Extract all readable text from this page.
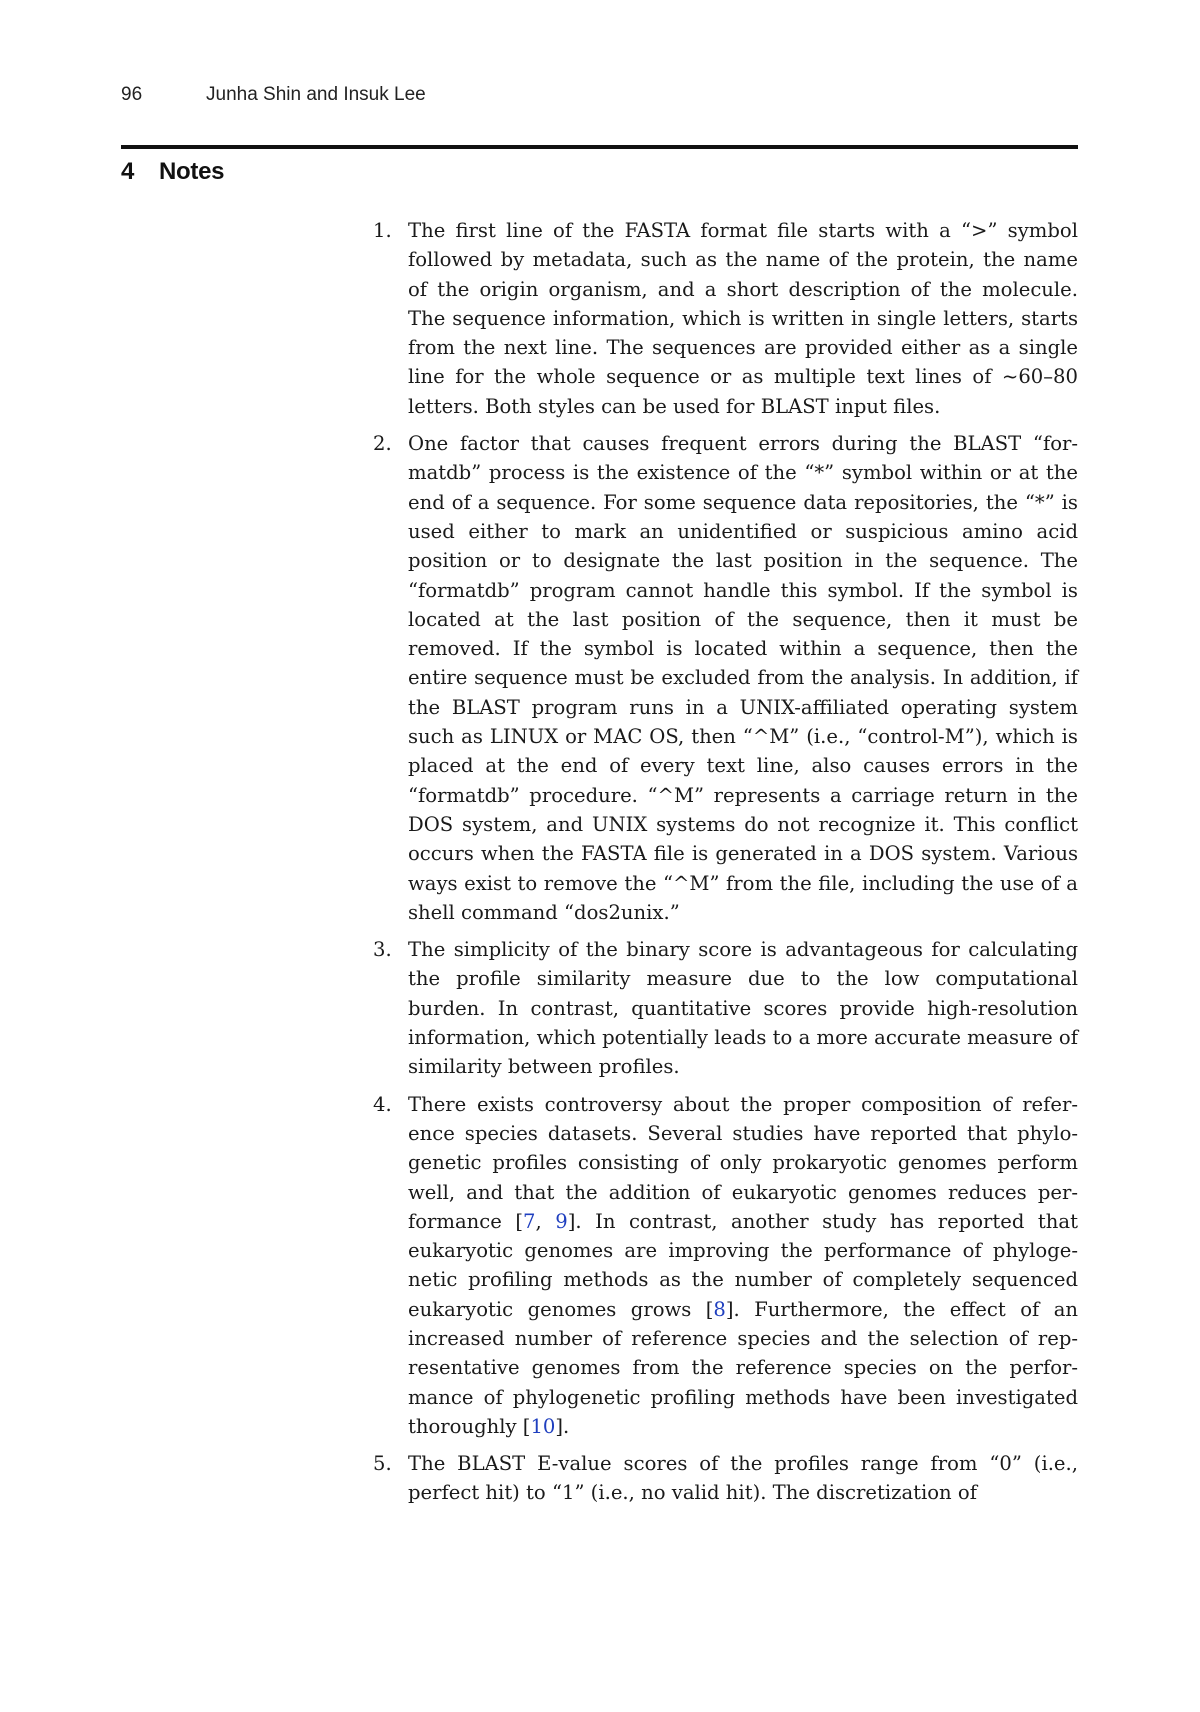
96	Junha Shin and Insuk Lee
4 Notes
1. The first line of the FASTA format file starts with a “>” symbol followed by metadata, such as the name of the protein, the name of the origin organism, and a short description of the molecule. The sequence information, which is written in single letters, starts from the next line. The sequences are provided either as a single line for the whole sequence or as multiple text lines of ~60–80 letters. Both styles can be used for BLAST input files.
2. One factor that causes frequent errors during the BLAST “formatdb” process is the existence of the “*” symbol within or at the end of a sequence. For some sequence data repositories, the “*” is used either to mark an unidentified or suspicious amino acid position or to designate the last position in the sequence. The “formatdb” program cannot handle this symbol. If the symbol is located at the last position of the sequence, then it must be removed. If the symbol is located within a sequence, then the entire sequence must be excluded from the analysis. In addition, if the BLAST program runs in a UNIX-affiliated operating system such as LINUX or MAC OS, then “^M” (i.e., “control-M”), which is placed at the end of every text line, also causes errors in the “formatdb” procedure. “^M” represents a carriage return in the DOS system, and UNIX systems do not recognize it. This conflict occurs when the FASTA file is generated in a DOS system. Various ways exist to remove the “^M” from the file, including the use of a shell command “dos2unix.”
3. The simplicity of the binary score is advantageous for calculating the profile similarity measure due to the low computational burden. In contrast, quantitative scores provide high-resolution information, which potentially leads to a more accurate measure of similarity between profiles.
4. There exists controversy about the proper composition of reference species datasets. Several studies have reported that phylogenetic profiles consisting of only prokaryotic genomes perform well, and that the addition of eukaryotic genomes reduces performance [7, 9]. In contrast, another study has reported that eukaryotic genomes are improving the performance of phylogenetic profiling methods as the number of completely sequenced eukaryotic genomes grows [8]. Furthermore, the effect of an increased number of reference species and the selection of representative genomes from the reference species on the performance of phylogenetic profiling methods have been investigated thoroughly [10].
5. The BLAST E-value scores of the profiles range from “0” (i.e., perfect hit) to “1” (i.e., no valid hit). The discretization of
